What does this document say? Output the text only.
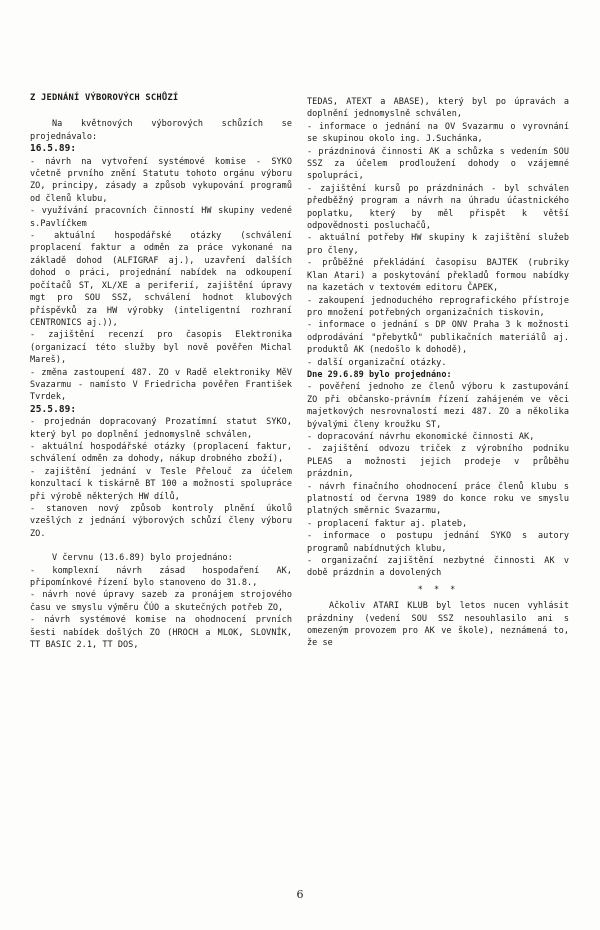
Z JEDNÁNÍ VÝBOROVÝCH SCHŮZÍ

Na květnových výborových schůzích se projednávalo:

16.5.89:

- návrh na vytvoření systémové komise - SYKO včetně prvního znění Statutu tohoto orgánu výboru ZO, principy, zásady a způsob vykupování programů od členů klubu,

- využívání pracovních činností HW skupiny vedené s.Pavlíčkem

- aktuální hospodářské otázky (schválení proplacení faktur a odměn za práce vykonané na základě dohod (ALFIGRAF aj.), uzavření dalších dohod o práci, projednání nabídek na odkoupení počítačů ST, XL/XE a periferií, zajištění úpravy mgt pro SOU SSZ, schválení hodnot klubových příspěvků za HW výrobky (inteligentní rozhraní CENTRONICS aj.)),

- zajištění recenzí pro časopis Elektronika (organizací této služby byl nově pověřen Michal Mareš),

- změna zastoupení 487. ZO v Radě elektroniky MěV Svazarmu - namísto V Friedricha pověřen František Tvrdek,

25.5.89:

- projednán dopracovaný Prozatímní statut SYKO, který byl po doplnění jednomyslně schválen,

- aktuální hospodářské otázky (proplacení faktur, schválení odměn za dohody, nákup drobného zboží),

- zajištění jednání v Tesle Přelouč za účelem konzultací k tiskárně BT 100 a možnosti spolupráce při výrobě některých HW dílů,

- stanoven nový způsob kontroly plnění úkolů vzešlých z jednání výborových schůzí členy výboru ZO.

V červnu (13.6.89) bylo projednáno:

- komplexní návrh zásad hospodaření AK, připomínkové řízení bylo stanoveno do 31.8.,

- návrh nové úpravy sazeb za pronájem strojového času ve smyslu výměru ČÚO a skutečných potřeb ZO,

- návrh systémové komise na ohodnocení prvních šesti nabídek došlých ZO (HROCH a MLOK, SLOVNÍK, TT BASIC 2.1, TT DOS,

TEDAS, ATEXT a ABASE), který byl po úpravách a doplnění jednomyslně schválen,

- informace o jednání na OV Svazarmu o vyrovnání se skupinou okolo ing. J.Suchánka,

- prázdninová činnosti AK a schůzka s vedením SOU SSZ za účelem prodloužení dohody o vzájemné spolupráci,

- zajištění kursů po prázdninách - byl schválen předběžný program a návrh na úhradu účastnického poplatku, který by měl přispět k větší odpovědnosti posluchačů,

- aktuální potřeby HW skupiny k zajištění služeb pro členy,

- průběžné překládání časopisu BAJTEK (rubriky Klan Atari) a poskytování překladů formou nabídky na kazetách v textovém editoru ČAPEK,

- zakoupení jednoduchého reprografického přístroje pro množení potřebných organizačních tiskovin,

- informace o jednání s DP ONV Praha 3 k možnosti odprodávání "přebytků" publikačních materiálů aj. produktů AK (nedošlo k dohodě),

- další organizační otázky.

Dne 29.6.89 bylo projednáno:

- pověření jednoho ze členů výboru k zastupování ZO při občansko-právním řízení zahájeném ve věci majetkových nesrovnalostí mezi 487. ZO a několika bývalými členy kroužku ST,

- dopracování návrhu ekonomické činnosti AK,

- zajištění odvozu triček z výrobního podniku PLEAS a možnosti jejich prodeje v průběhu prázdnin,

- návrh finačního ohodnocení práce členů klubu s platností od června 1989 do konce roku ve smyslu platných směrnic Svazarmu,

- proplacení faktur aj. plateb,

- informace o postupu jednání SYKO s autory programů nabídnutých klubu,

- organizační zajištění nezbytné činnosti AK v době prázdnin a dovolených

* * *

Ačkoliv ATARI KLUB byl letos nucen vyhlásit prázdniny (vedení SOU SSZ nesouhlasilo ani s omezeným provozem pro AK ve škole), neznámená to, že se

6
